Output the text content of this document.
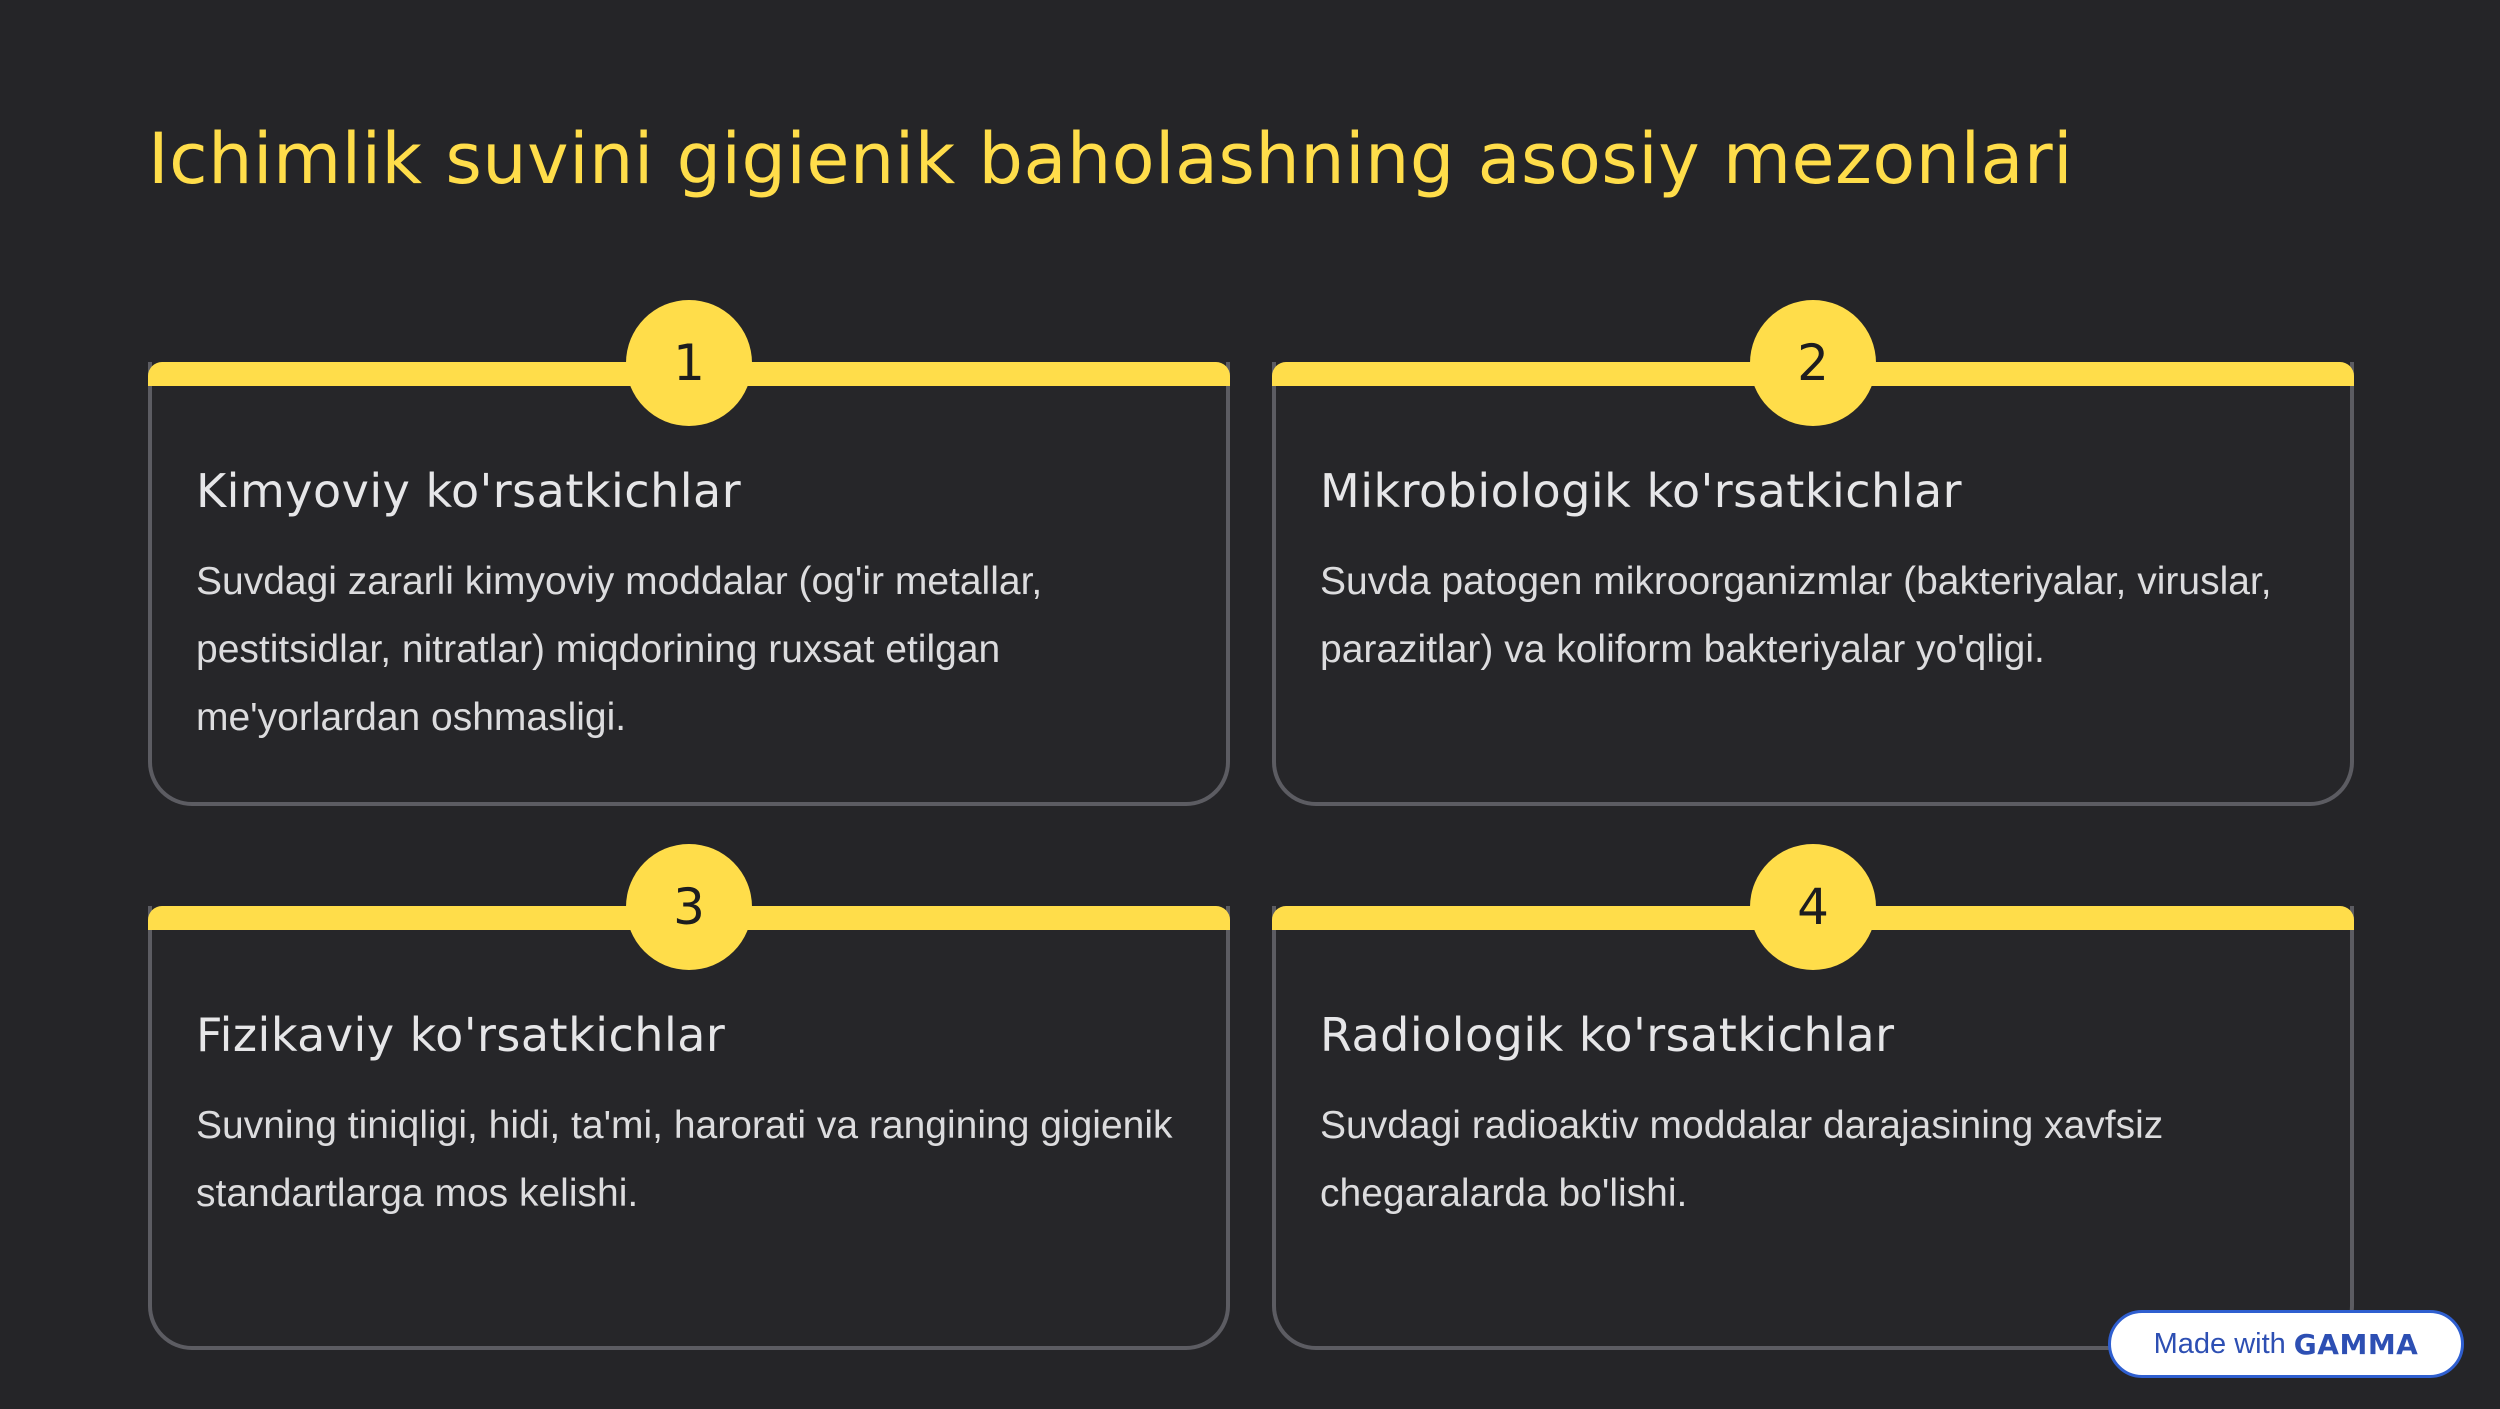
Ichimlik suvini gigienik baholashning asosiy mezonlari
1
Kimyoviy ko'rsatkichlar

Suvdagi zararli kimyoviy moddalar (og'ir metallar, pestitsidlar, nitratlar) miqdorining ruxsat etilgan me'yorlardan oshmasligi.

2
Mikrobiologik ko'rsatkichlar

Suvda patogen mikroorganizmlar (bakteriyalar, viruslar, parazitlar) va koliform bakteriyalar yo'qligi.

3
Fizikaviy ko'rsatkichlar

Suvning tiniqligi, hidi, ta'mi, harorati va rangining gigienik standartlarga mos kelishi.

4
Radiologik ko'rsatkichlar

Suvdagi radioaktiv moddalar darajasining xavfsiz chegaralarda bo'lishi.

Made with GAMMA
